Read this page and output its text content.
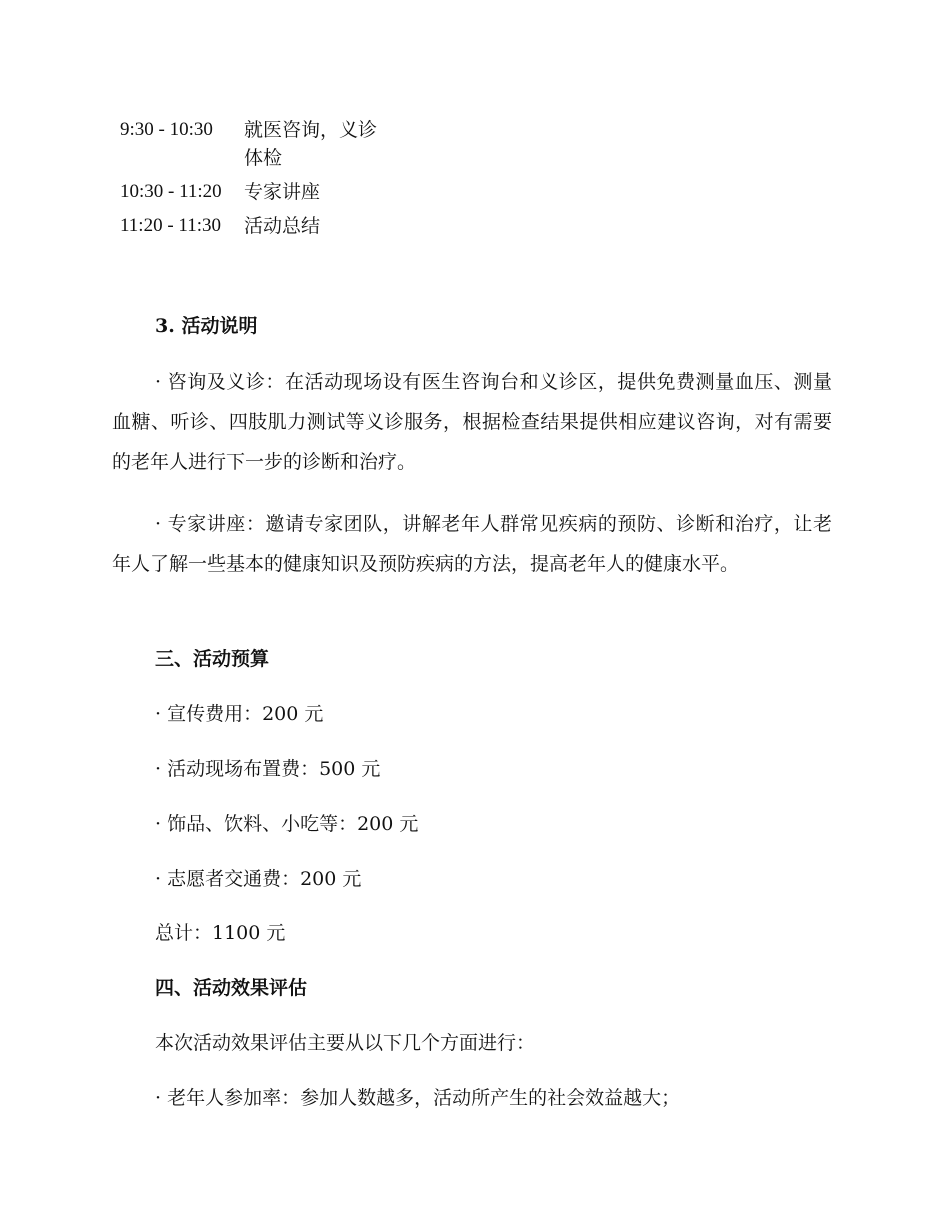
9:30 - 10:30	就医咨询，义诊体检
10:30 - 11:20	专家讲座
11:20 - 11:30	活动总结
3. 活动说明
· 咨询及义诊：在活动现场设有医生咨询台和义诊区，提供免费测量血压、测量血糖、听诊、四肢肌力测试等义诊服务，根据检查结果提供相应建议咨询，对有需要的老年人进行下一步的诊断和治疗。
· 专家讲座：邀请专家团队，讲解老年人群常见疾病的预防、诊断和治疗，让老年人了解一些基本的健康知识及预防疾病的方法，提高老年人的健康水平。
三、活动预算
· 宣传费用：200 元
· 活动现场布置费：500 元
· 饰品、饮料、小吃等：200 元
· 志愿者交通费：200 元
总计：1100 元
四、活动效果评估
本次活动效果评估主要从以下几个方面进行：
· 老年人参加率：参加人数越多，活动所产生的社会效益越大；
